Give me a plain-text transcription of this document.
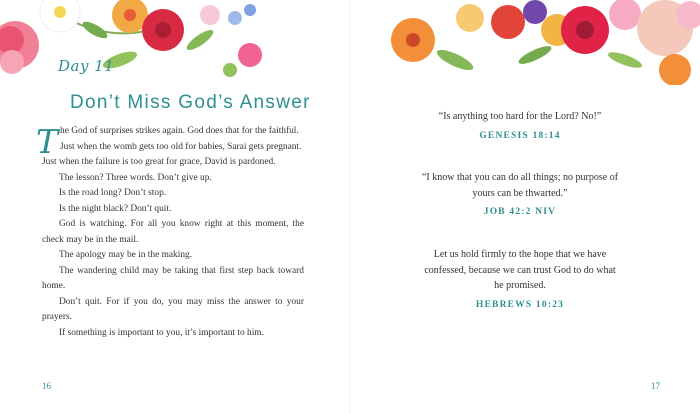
Day 11
Don’t Miss God’s Answer
T he God of surprises strikes again. God does that for the faithful.

Just when the womb gets too old for babies, Sarai gets pregnant.

Just when the failure is too great for grace, David is pardoned.

The lesson? Three words. Don’t give up.

Is the road long? Don’t stop.

Is the night black? Don’t quit.

God is watching. For all you know right at this moment, the check may be in the mail.

The apology may be in the making.

The wandering child may be taking that first step back toward home.

Don’t quit. For if you do, you may miss the answer to your prayers.

If something is important to you, it’s important to him.

16
“Is anything too hard for the Lord? No!”
GENESIS 18:14
“I know that you can do all things; no purpose of yours can be thwarted.”
JOB 42:2 NIV
Let us hold firmly to the hope that we have confessed, because we can trust God to do what he promised.
HEBREWS 10:23
17
